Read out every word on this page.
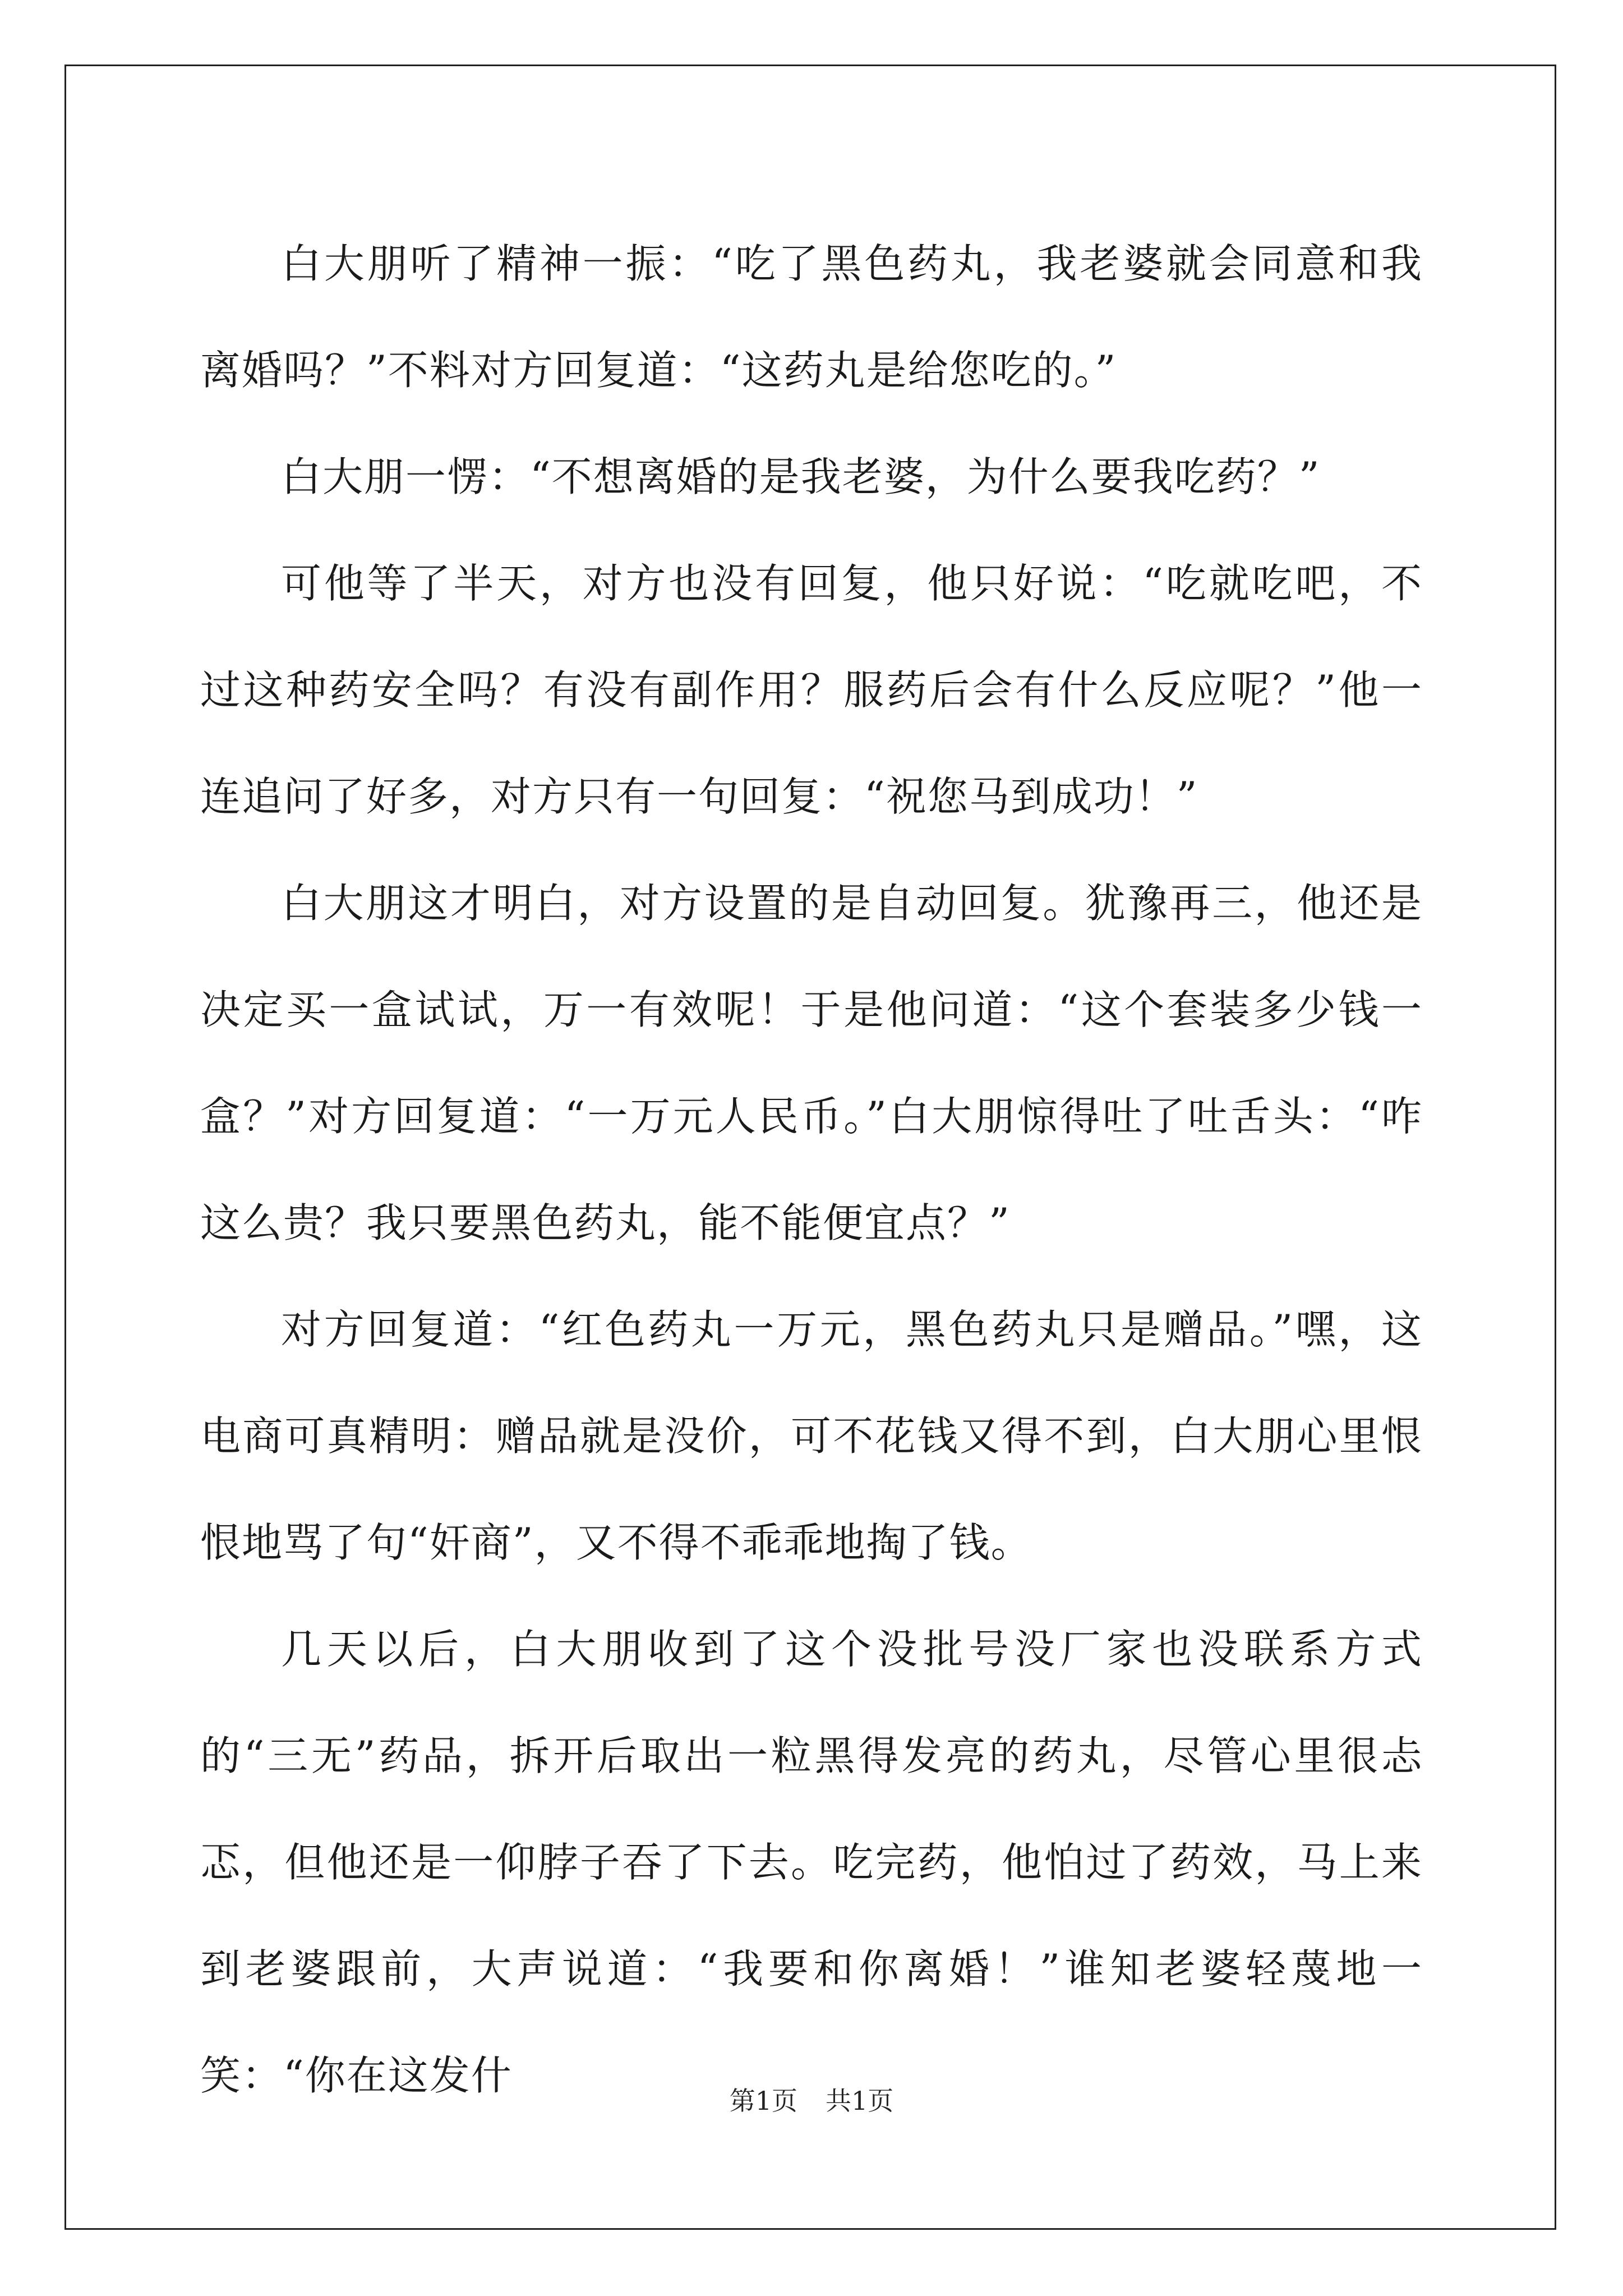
白大朋听了精神一振：“吃了黑色药丸，我老婆就会同意和我离婚吗？”不料对方回复道：“这药丸是给您吃的。”

白大朋一愣：“不想离婚的是我老婆，为什么要我吃药？”

可他等了半天，对方也没有回复，他只好说：“吃就吃吧，不过这种药安全吗？有没有副作用？服药后会有什么反应呢？”他一连追问了好多，对方只有一句回复：“祝您马到成功！”

白大朋这才明白，对方设置的是自动回复。犹豫再三，他还是决定买一盒试试，万一有效呢！于是他问道：“这个套装多少钱一盒？”对方回复道：“一万元人民币。”白大朋惊得吐了吐舌头：“咋这么贵？我只要黑色药丸，能不能便宜点？”

对方回复道：“红色药丸一万元，黑色药丸只是赠品。”嘿，这电商可真精明：赠品就是没价，可不花钱又得不到，白大朋心里恨恨地骂了句“奸商”，又不得不乖乖地掏了钱。

几天以后，白大朋收到了这个没批号没厂家也没联系方式的“三无”药品，拆开后取出一粒黑得发亮的药丸，尽管心里很忐忑，但他还是一仰脖子吞了下去。吃完药，他怕过了药效，马上来到老婆跟前，大声说道：“我要和你离婚！”谁知老婆轻蔑地一笑：“你在这发什

第1页 共1页
